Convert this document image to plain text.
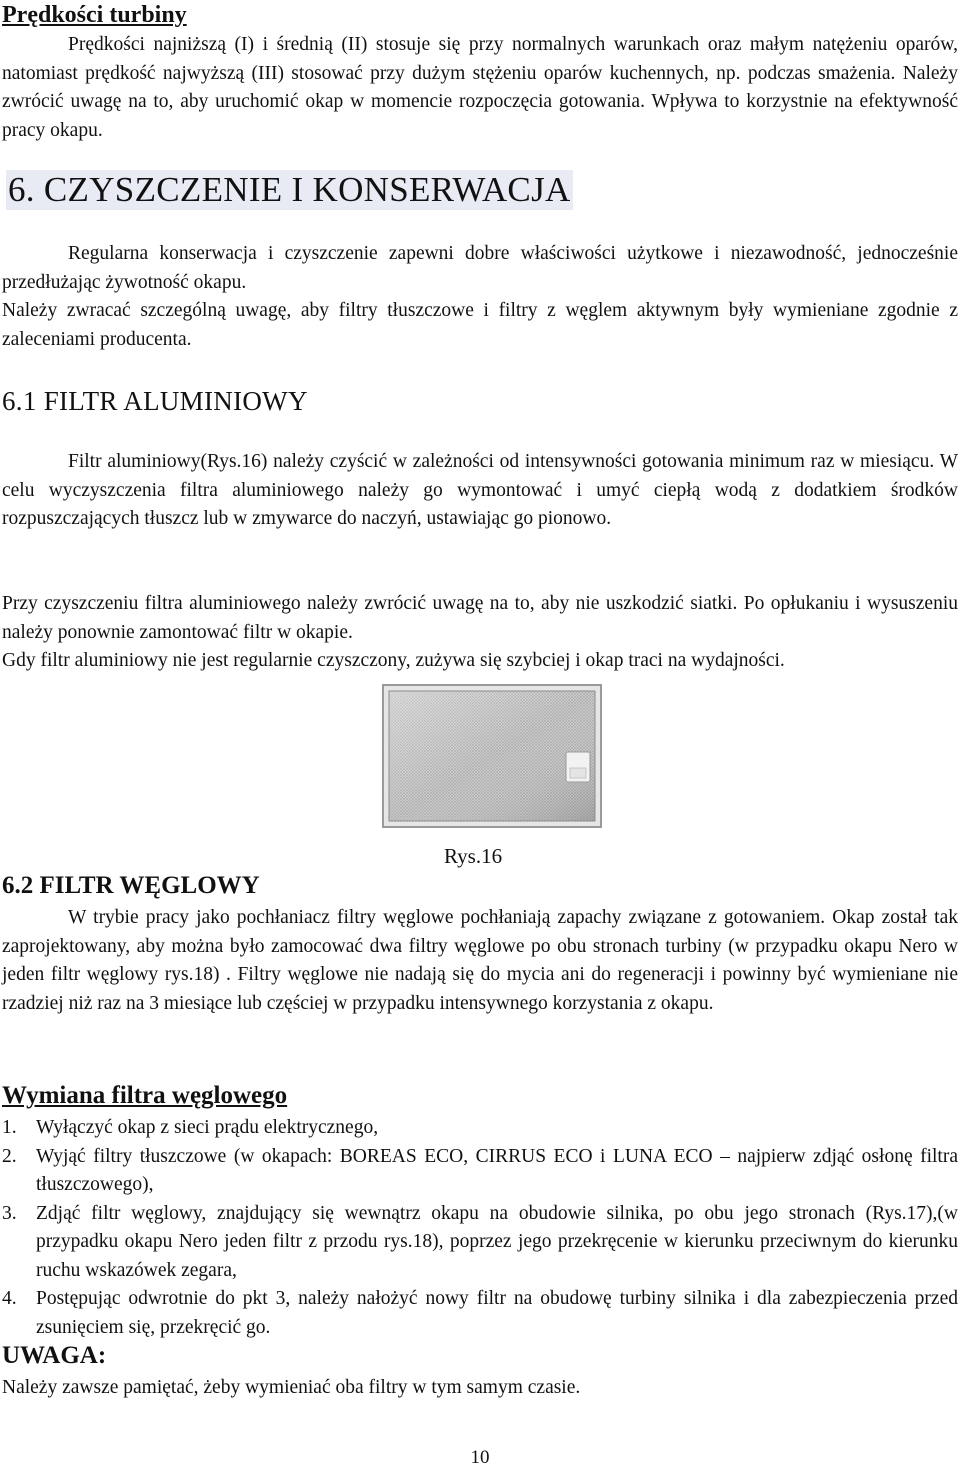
Prędkości turbiny

Prędkości najniższą (I) i średnią (II) stosuje się przy normalnych warunkach oraz małym natężeniu oparów, natomiast prędkość najwyższą (III) stosować przy dużym stężeniu oparów kuchennych, np. podczas smażenia. Należy zwrócić uwagę na to, aby uruchomić okap w momencie rozpoczęcia gotowania. Wpływa to korzystnie na efektywność pracy okapu.

6. CZYSZCZENIE I KONSERWACJA

Regularna konserwacja i czyszczenie zapewni dobre właściwości użytkowe i niezawodność, jednocześnie przedłużając żywotność okapu.

Należy zwracać szczególną uwagę, aby filtry tłuszczowe i filtry z węglem aktywnym były wymieniane zgodnie z zaleceniami producenta.

6.1 FILTR ALUMINIOWY

Filtr aluminiowy(Rys.16) należy czyścić w zależności od intensywności gotowania minimum raz w miesiącu. W celu wyczyszczenia filtra aluminiowego należy go wymontować i umyć ciepłą wodą z dodatkiem środków rozpuszczających tłuszcz lub w zmywarce do naczyń, ustawiając go pionowo.

Przy czyszczeniu filtra aluminiowego należy zwrócić uwagę na to, aby nie uszkodzić siatki. Po opłukaniu i wysuszeniu należy ponownie zamontować filtr w okapie.

Gdy filtr aluminiowy nie jest regularnie czyszczony, zużywa się szybciej i okap traci na wydajności.

Rys.16
6.2 FILTR WĘGLOWY

W trybie pracy jako pochłaniacz filtry węglowe pochłaniają zapachy związane z gotowaniem. Okap został tak zaprojektowany, aby można było zamocować dwa filtry węglowe po obu stronach turbiny (w przypadku okapu Nero w jeden filtr węglowy rys.18) . Filtry węglowe nie nadają się do mycia ani do regeneracji i powinny być wymieniane nie rzadziej niż raz na 3 miesiące lub częściej w przypadku intensywnego korzystania z okapu.

Wymiana filtra węglowego
1. Wyłączyć okap z sieci prądu elektrycznego,
2. Wyjąć filtry tłuszczowe (w okapach: BOREAS ECO, CIRRUS ECO i LUNA ECO – najpierw zdjąć osłonę filtra tłuszczowego),
3. Zdjąć filtr węglowy, znajdujący się wewnątrz okapu na obudowie silnika, po obu jego stronach (Rys.17),(w przypadku okapu Nero jeden filtr z przodu rys.18), poprzez jego przekręcenie w kierunku przeciwnym do kierunku ruchu wskazówek zegara,
4. Postępując odwrotnie do pkt 3, należy nałożyć nowy filtr na obudowę turbiny silnika i dla zabezpieczenia przed zsunięciem się, przekręcić go.
UWAGA:
Należy zawsze pamiętać, żeby wymieniać oba filtry w tym samym czasie.
10
